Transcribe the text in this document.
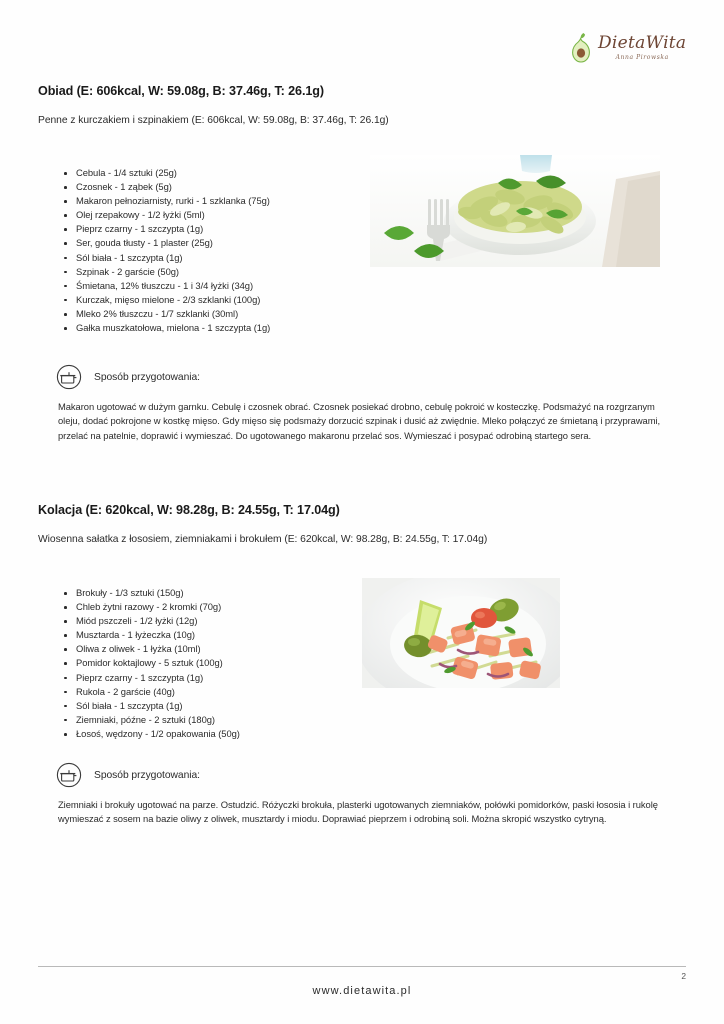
DietaWita
Anna Pirowska
Obiad (E: 606kcal, W: 59.08g, B: 37.46g, T: 26.1g)

Penne z kurczakiem i szpinakiem (E: 606kcal, W: 59.08g, B: 37.46g, T: 26.1g)

Cebula - 1/4 sztuki (25g)
Czosnek - 1 ząbek (5g)
Makaron pełnoziarnisty, rurki - 1 szklanka (75g)
Olej rzepakowy - 1/2 łyżki (5ml)
Pieprz czarny - 1 szczypta (1g)
Ser, gouda tłusty - 1 plaster (25g)
Sól biała - 1 szczypta (1g)
Szpinak - 2 garście (50g)
Śmietana, 12% tłuszczu - 1 i 3/4 łyżki (34g)
Kurczak, mięso mielone - 2/3 szklanki (100g)
Mleko 2% tłuszczu - 1/7 szklanki (30ml)
Gałka muszkatołowa, mielona - 1 szczypta (1g)
Sposób przygotowania:

Makaron ugotować w dużym garnku. Cebulę i czosnek obrać. Czosnek posiekać drobno, cebulę pokroić w kosteczkę. Podsmażyć na rozgrzanym oleju, dodać pokrojone w kostkę mięso. Gdy mięso się podsmaży dorzucić szpinak i dusić aż zwiędnie. Mleko połączyć ze śmietaną i przyprawami, przelać na patelnie, doprawić i wymieszać. Do ugotowanego makaronu przelać sos. Wymieszać i posypać odrobiną startego sera.

Kolacja (E: 620kcal, W: 98.28g, B: 24.55g, T: 17.04g)

Wiosenna sałatka z łososiem, ziemniakami i brokułem (E: 620kcal, W: 98.28g, B: 24.55g, T: 17.04g)

Brokuły - 1/3 sztuki (150g)
Chleb żytni razowy - 2 kromki (70g)
Miód pszczeli - 1/2 łyżki (12g)
Musztarda - 1 łyżeczka (10g)
Oliwa z oliwek - 1 łyżka (10ml)
Pomidor koktajlowy - 5 sztuk (100g)
Pieprz czarny - 1 szczypta (1g)
Rukola - 2 garście (40g)
Sól biała - 1 szczypta (1g)
Ziemniaki, późne - 2 sztuki (180g)
Łosoś, wędzony - 1/2 opakowania (50g)
Sposób przygotowania:

Ziemniaki i brokuły ugotować na parze. Ostudzić. Różyczki brokuła, plasterki ugotowanych ziemniaków, połówki pomidorków, paski łososia i rukolę wymieszać z sosem na bazie oliwy z oliwek, musztardy i miodu. Doprawiać pieprzem i odrobiną soli. Można skropić wszystko cytryną.

2
www.dietawita.pl
